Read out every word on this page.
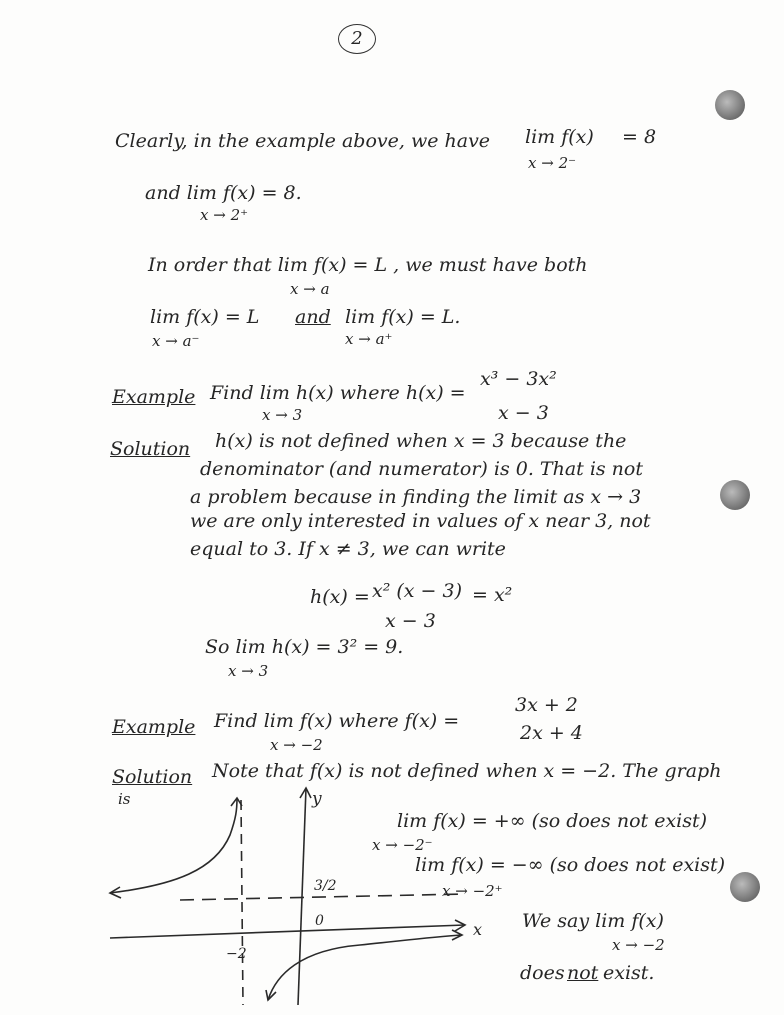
2
Clearly, in the example above, we have lim f(x) = 8
x → 2⁻
and lim f(x) = 8.
x → 2⁺
In order that lim f(x) = L , we must have both
x → a
lim f(x) = L and lim f(x) = L.
x → a⁻	x → a⁺
Example Find lim h(x) where h(x) =
x → 3
x³ − 3x²
x − 3
Solution h(x) is not defined when x = 3 because the
denominator (and numerator) is 0. That is not
a problem because in finding the limit as x → 3
we are only interested in values of x near 3, not
equal to 3. If x ≠ 3, we can write
h(x) = x² (x − 3)
x − 3
= x²
So lim h(x) = 3² = 9.
x → 3
Example Find lim f(x) where f(x) =
x → −2
3x + 2
2x + 4
Solution Note that f(x) is not defined when x = −2. The graph
is
lim f(x) = +∞ (so does not exist)
x → −2⁻
lim f(x) = −∞ (so does not exist)
x → −2⁺
We say lim f(x)
x → −2
does not exist.
y
x
0
3/2
−2
